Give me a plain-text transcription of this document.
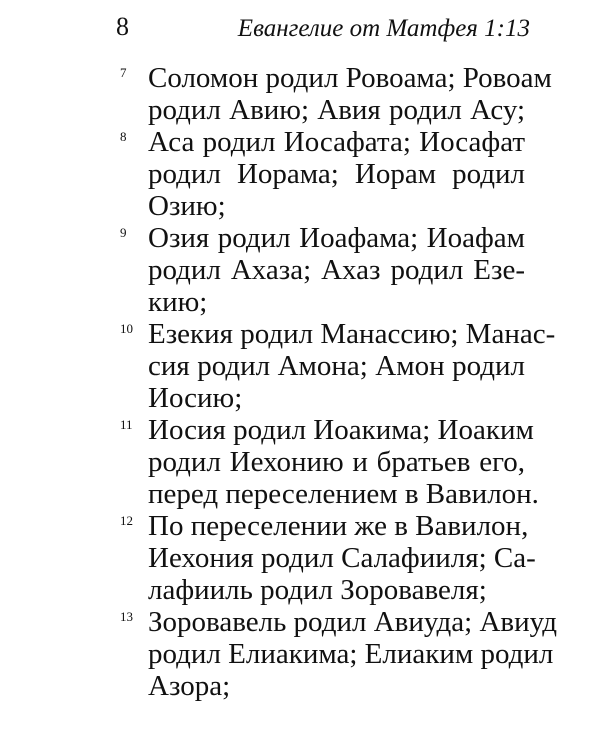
8	Евангелие от Матфея 1:13
7 Соломон родил Ровоама; Ровоам
родил Авию; Авия родил Асу;
8 Аса родил Иосафата; Иосафат
родил Иорама; Иорам родил
Озию;
9 Озия родил Иоафама; Иоафам
родил Ахаза; Ахаз родил Езе-
кию;
10 Езекия родил Манассию; Манас-
сия родил Амона; Амон родил
Иосию;
11 Иосия родил Иоакима; Иоаким
родил Иехонию и братьев его,
перед переселением в Вавилон.
12 По переселении же в Вавилон,
Иехония родил Салафииля; Са-
лафииль родил Зоровавеля;
13 Зоровавель родил Авиуда; Авиуд
родил Елиакима; Елиаким родил
Азора;
